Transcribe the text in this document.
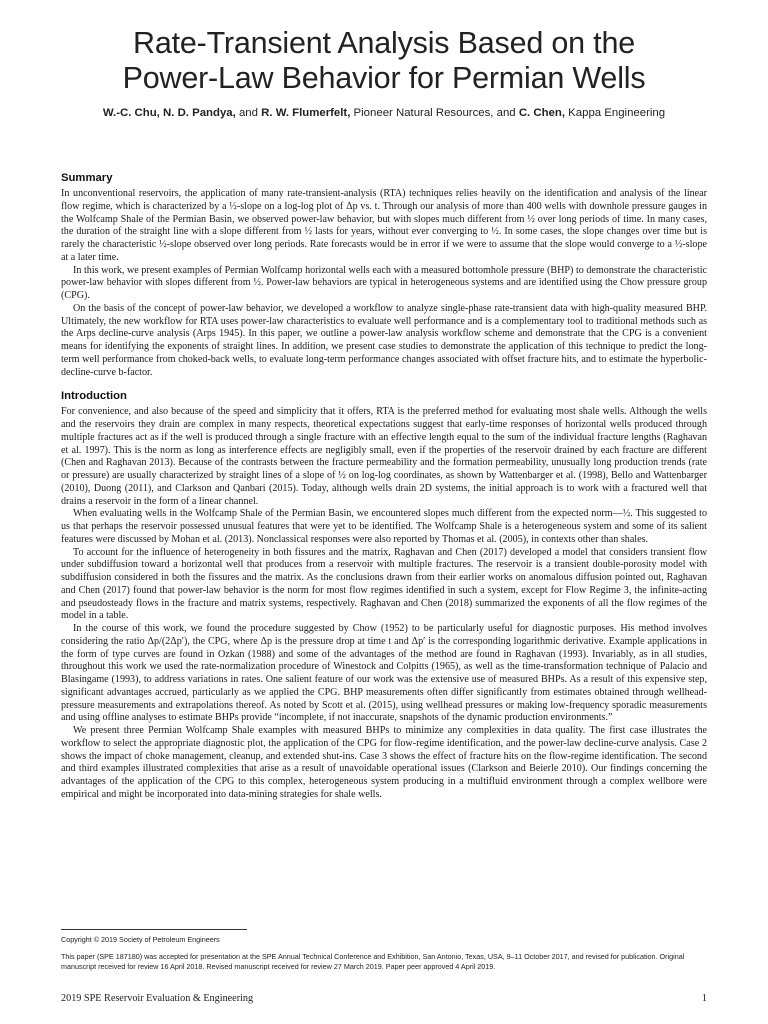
Rate-Transient Analysis Based on the
Power-Law Behavior for Permian Wells
W.-C. Chu, N. D. Pandya, and R. W. Flumerfelt, Pioneer Natural Resources, and C. Chen, Kappa Engineering
Summary

In unconventional reservoirs, the application of many rate-transient-analysis (RTA) techniques relies heavily on the identification and analysis of the linear flow regime, which is characterized by a ½-slope on a log-log plot of Δp vs. t. Through our analysis of more than 400 wells with downhole pressure gauges in the Wolfcamp Shale of the Permian Basin, we observed power-law behavior, but with slopes much different from ½ over long periods of time. In many cases, the duration of the straight line with a slope different from ½ lasts for years, without ever converging to ½. In some cases, the slope changes over time but is rarely the characteristic ½-slope observed over long periods. Rate forecasts would be in error if we were to assume that the slope would converge to a ½-slope at a later time.

In this work, we present examples of Permian Wolfcamp horizontal wells each with a measured bottomhole pressure (BHP) to demonstrate the characteristic power-law behavior with slopes different from ½. Power-law behaviors are typical in heterogeneous systems and are identified using the Chow pressure group (CPG).

On the basis of the concept of power-law behavior, we developed a workflow to analyze single-phase rate-transient data with high-quality measured BHP. Ultimately, the new workflow for RTA uses power-law characteristics to evaluate well performance and is a complementary tool to traditional methods such as the Arps decline-curve analysis (Arps 1945). In this paper, we outline a power-law analysis workflow scheme and demonstrate that the CPG is a convenient means for identifying the exponents of straight lines. In addition, we present case studies to demonstrate the application of this technique to predict the long-term well performance from choked-back wells, to evaluate long-term performance changes associated with offset fracture hits, and to estimate the hyperbolic-decline-curve b-factor.

Introduction

For convenience, and also because of the speed and simplicity that it offers, RTA is the preferred method for evaluating most shale wells. Although the wells and the reservoirs they drain are complex in many respects, theoretical expectations suggest that early-time responses of horizontal wells produced through multiple fractures act as if the well is produced through a single fracture with an effective length equal to the sum of the individual fracture lengths (Raghavan et al. 1997). This is the norm as long as interference effects are negligibly small, even if the properties of the reservoir drained by each fracture are different (Chen and Raghavan 2013). Because of the contrasts between the fracture permeability and the formation permeability, unusually long production trends (rate or pressure) are usually characterized by straight lines of a slope of ½ on log-log coordinates, as shown by Wattenbarger et al. (1998), Bello and Wattenbarger (2010), Duong (2011), and Clarkson and Qanbari (2015). Today, although wells drain 2D systems, the initial approach is to work with a fractured well that drains a reservoir in the form of a linear channel.

When evaluating wells in the Wolfcamp Shale of the Permian Basin, we encountered slopes much different from the expected norm—½. This suggested to us that perhaps the reservoir possessed unusual features that were yet to be identified. The Wolfcamp Shale is a heterogeneous system and some of its salient features were discussed by Mohan et al. (2013). Nonclassical responses were also reported by Thomas et al. (2005), in contexts other than shales.

To account for the influence of heterogeneity in both fissures and the matrix, Raghavan and Chen (2017) developed a model that considers transient flow under subdiffusion toward a horizontal well that produces from a reservoir with multiple fractures. The reservoir is a transient double-porosity model with subdiffusion considered in both the fissures and the matrix. As the conclusions drawn from their earlier works on anomalous diffusion pointed out, Raghavan and Chen (2017) found that power-law behavior is the norm for most flow regimes identified in such a system, except for Flow Regime 3, the infinite-acting and pseudosteady flows in the fracture and matrix systems, respectively. Raghavan and Chen (2018) summarized the exponents of all the flow regimes of the model in a table.

In the course of this work, we found the procedure suggested by Chow (1952) to be particularly useful for diagnostic purposes. His method involves considering the ratio Δp/(2Δp′), the CPG, where Δp is the pressure drop at time t and Δp′ is the corresponding logarithmic derivative. Example applications in the form of type curves are found in Ozkan (1988) and some of the advantages of the method are found in Raghavan (1993). Invariably, as in all studies, throughout this work we used the rate-normalization procedure of Winestock and Colpitts (1965), as well as the time-transformation technique of Palacio and Blasingame (1993), to address variations in rates. One salient feature of our work was the extensive use of measured BHPs. As a result of this expensive step, significant advantages accrued, particularly as we applied the CPG. BHP measurements often differ significantly from estimates obtained through wellhead-pressure measurements and extrapolations thereof. As noted by Scott et al. (2015), using wellhead pressures or making low-frequency sporadic measurements and using offline analyses to estimate BHPs provide “incomplete, if not inaccurate, snapshots of the dynamic production environments.”

We present three Permian Wolfcamp Shale examples with measured BHPs to minimize any complexities in data quality. The first case illustrates the workflow to select the appropriate diagnostic plot, the application of the CPG for flow-regime identification, and the power-law decline-curve analysis. Case 2 shows the impact of choke management, cleanup, and extended shut-ins. Case 3 shows the effect of fracture hits on the flow-regime identification. The second and third examples illustrated complexities that arise as a result of unavoidable operational issues (Clarkson and Beierle 2010). Our findings concerning the advantages of the application of the CPG to this complex, heterogeneous system producing in a multifluid environment through a complex wellbore were empirical and might be incorporated into data-mining strategies for shale wells.

Copyright © 2019 Society of Petroleum Engineers
This paper (SPE 187180) was accepted for presentation at the SPE Annual Technical Conference and Exhibition, San Antonio, Texas, USA, 9–11 October 2017, and revised for publication. Original manuscript received for review 16 April 2018. Revised manuscript received for review 27 March 2019. Paper peer approved 4 April 2019.
2019 SPE Reservoir Evaluation & Engineering	1
